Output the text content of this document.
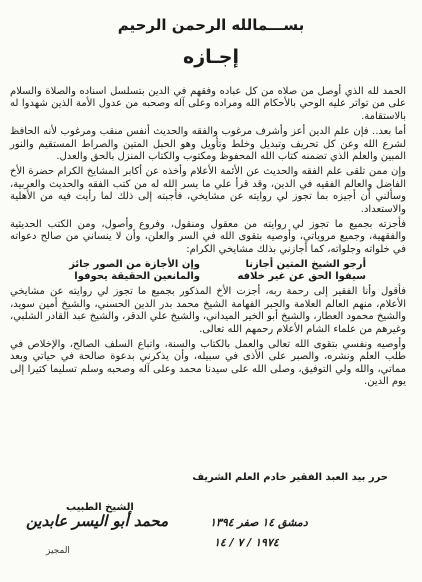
بســـمالله الرحمن الرحيم
إجـازه

الحمد لله الذي أوصل من صلاه من كل عباده وفقهم في الدين بتسلسل اسناده والصلاة والسلام على من تواتر عليه الوحي بالأحكام الله ومراده وعلى آله وصحبه من عدول الأمة الذين شهدوا له بالاستقامة.

أما بعد.. فإن علم الدين أعز وأشرف مرغوب والفقه والحديث أنفس منقب ومرغوب لأنه الحافظ لشرع الله وعن كل تحريف وتبديل وخلط وتأويل وهو الحبل المتين والصراط المستقيم والنور المبين والعلم الذي تضمنه كتاب الله المحفوظ ومكتوب والكتاب المنزل بالحق والعدل.

وإن ممن تلقى علم الفقه والحديث عن الأئمة الأعلام وأخذه عن أكابر المشايخ الكرام حضرة الأخ الفاضل والعالم الفقيه في الدين، وقد قرأ علي ما يسر الله له من كتب الفقه والحديث والعربية، وسألني أن أجيزه بما تجوز لي روايته عن مشايخي، فأجبته إلى ذلك لما رأيت فيه من الأهلية والاستعداد.

فأجزته بجميع ما تجوز لي روايته من معقول ومنقول، وفروع وأصول، ومن الكتب الحديثية والفقهية، وجميع مروياتي، وأوصيه بتقوى الله في السر والعلن، وأن لا ينساني من صالح دعواته في خلواته وجلواته، كما أجازني بذلك مشايخي الكرام:

أرجو الشيخ المتين أجازنا
وإن الأجازة من الصور جائز
سيفوا الحق عن غير خلافه
والمانعين الحقيقة يحوفوا

فأقول وأنا الفقير إلى رحمة ربه، أجزت الأخ المذكور بجميع ما تجوز لي روايته عن مشايخي الأعلام، منهم العالم العلامة والحبر الفهامة الشيخ محمد بدر الدين الحسني، والشيخ أمين سويد، والشيخ محمود العطار، والشيخ أبو الخير الميداني، والشيخ علي الدقر، والشيخ عبد القادر الشلبي، وغيرهم من علماء الشام الأعلام رحمهم الله تعالى.

وأوصيه ونفسي بتقوى الله تعالى والعمل بالكتاب والسنة، واتباع السلف الصالح، والإخلاص في طلب العلم ونشره، والصبر على الأذى في سبيله، وأن يذكرني بدعوة صالحة في حياتي وبعد مماتي، والله ولي التوفيق، وصلى الله على سيدنا محمد وعلى آله وصحبه وسلم تسليما كثيرا إلى يوم الدين.

حرر بيد العبد الفقير خادم العلم الشريف
الشيخ الطبيب
محمد أبو اليسر عابدين
المجيز
دمشق ١٤ صفر ١٣٩٤
١٩٧٤ / ٧ / ١٤
